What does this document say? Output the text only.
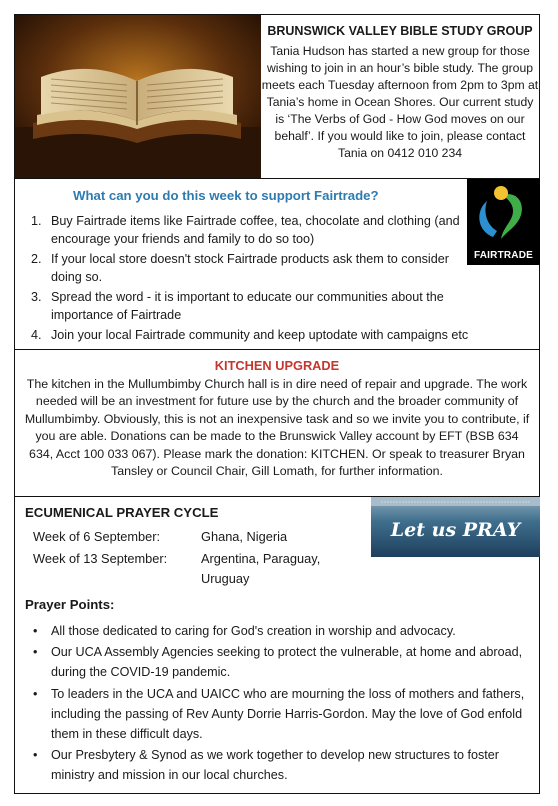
BRUNSWICK VALLEY BIBLE STUDY GROUP

Tania Hudson has started a new group for those wishing to join in an hour’s bible study. The group meets each Tuesday afternoon from 2pm to 3pm at Tania’s home in Ocean Shores. Our current study is ‘The Verbs of God - How God moves on our behalf’. If you would like to join, please contact Tania on 0412 010 234

What can you do this week to support Fairtrade?
1. Buy Fairtrade items like Fairtrade coffee, tea, chocolate and clothing (and encourage your friends and family to do so too)
2. If your local store doesn't stock Fairtrade products ask them to consider doing so.
3. Spread the word - it is important to educate our communities about the importance of Fairtrade
4. Join your local Fairtrade community and keep uptodate with campaigns etc
FAIRTRADE
KITCHEN UPGRADE
The kitchen in the Mullumbimby Church hall is in dire need of repair and upgrade. The work needed will be an investment for future use by the church and the broader community of Mullumbimby. Obviously, this is not an inexpensive task and so we invite you to contribute, if you are able. Donations can be made to the Brunswick Valley account by EFT (BSB 634 634, Acct 100 033 067). Please mark the donation: KITCHEN. Or speak to treasurer Bryan Tansley or Council Chair, Gill Lomath, for further information.
ECUMENICAL PRAYER CYCLE
Week of 6 September:	Ghana, Nigeria
Week of 13 September:	Argentina, Paraguay, Uruguay
Let us PRAY
Prayer Points:
• All those dedicated to caring for God's creation in worship and advocacy.
• Our UCA Assembly Agencies seeking to protect the vulnerable, at home and abroad, during the COVID-19 pandemic.
• To leaders in the UCA and UAICC who are mourning the loss of mothers and fathers, including the passing of Rev Aunty Dorrie Harris-Gordon. May the love of God enfold them in these difficult days.
• Our Presbytery & Synod as we work together to develop new structures to foster ministry and mission in our local churches.
